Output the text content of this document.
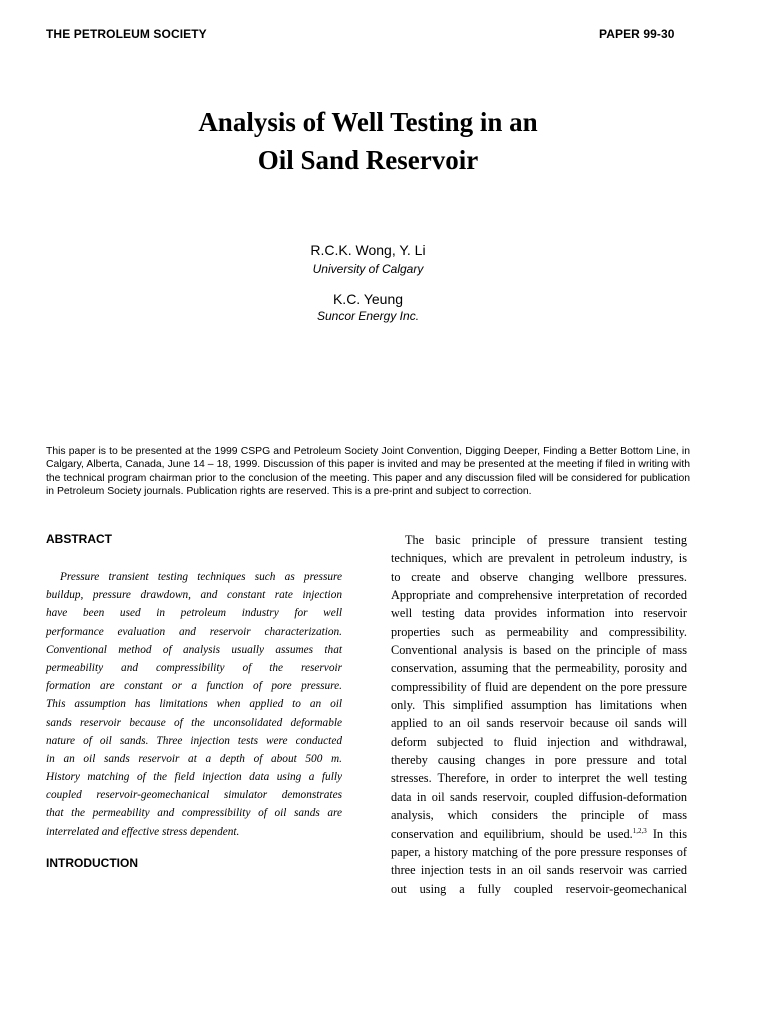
THE PETROLEUM SOCIETY	PAPER 99-30
Analysis of Well Testing in an
Oil Sand Reservoir
R.C.K. Wong, Y. Li
University of Calgary
K.C. Yeung
Suncor Energy Inc.

This paper is to be presented at the 1999 CSPG and Petroleum Society Joint Convention, Digging Deeper, Finding a Better Bottom Line, in Calgary, Alberta, Canada, June 14 – 18, 1999. Discussion of this paper is invited and may be presented at the meeting if filed in writing with the technical program chairman prior to the conclusion of the meeting. This paper and any discussion filed will be considered for publication in Petroleum Society journals. Publication rights are reserved. This is a pre-print and subject to correction.

ABSTRACT
Pressure transient testing techniques such as pressure
buildup, pressure drawdown, and constant rate injection
have been used in petroleum industry for well
performance evaluation and reservoir characterization.
Conventional method of analysis usually assumes that
permeability and compressibility of the reservoir
formation are constant or a function of pore pressure.
This assumption has limitations when applied to an oil
sands reservoir because of the unconsolidated deformable
nature of oil sands. Three injection tests were conducted
in an oil sands reservoir at a depth of about 500 m.
History matching of the field injection data using a fully
coupled reservoir-geomechanical simulator demonstrates
that the permeability and compressibility of oil sands are
interrelated and effective stress dependent.
INTRODUCTION
The basic principle of pressure transient testing
techniques, which are prevalent in petroleum industry, is
to create and observe changing wellbore pressures.
Appropriate and comprehensive interpretation of recorded
well testing data provides information into reservoir
properties such as permeability and compressibility.
Conventional analysis is based on the principle of mass
conservation, assuming that the permeability, porosity and
compressibility of fluid are dependent on the pore pressure
only. This simplified assumption has limitations when
applied to an oil sands reservoir because oil sands will
deform subjected to fluid injection and withdrawal,
thereby causing changes in pore pressure and total
stresses. Therefore, in order to interpret the well testing
data in oil sands reservoir, coupled diffusion-deformation
analysis, which considers the principle of mass
conservation and equilibrium, should be used.$^{1,2,3}$ In this
paper, a history matching of the pore pressure responses of
three injection tests in an oil sands reservoir was carried
out using a fully coupled reservoir-geomechanical
